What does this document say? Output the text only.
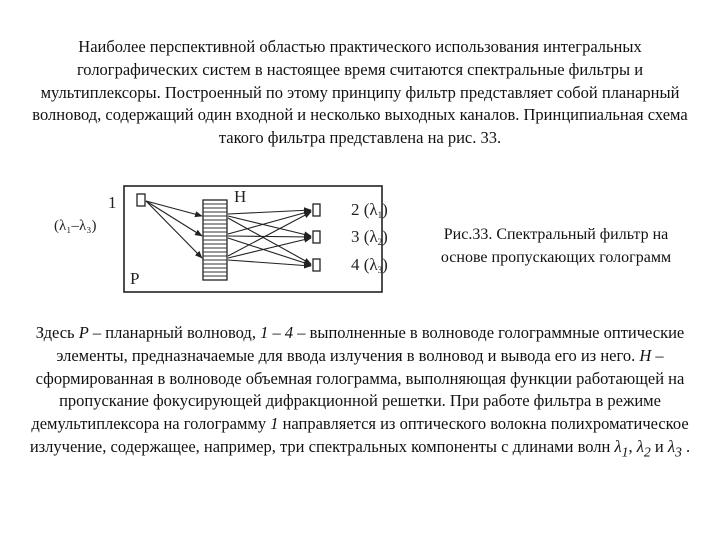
Наиболее перспективной областью практического использования интегральных голографических систем в настоящее время считаются спектральные фильтры и мультиплексоры. Построенный по этому принципу фильтр представляет собой планарный волновод, содержащий один входной и несколько выходных каналов. Принципиальная схема такого фильтра представлена на рис. 33.

1
(λ₁–λ₃)
P
H
2 (λ1)
3 (λ2)
4 (λ3)

Рис.33. Спектральный фильтр на основе пропускающих голограмм

Здесь P – планарный волновод, 1 – 4 – выполненные в волноводе голограммные оптические элементы, предназначаемые для ввода излучения в волновод и вывода его из него. H – сформированная в волноводе объемная голограмма, выполняющая функции работающей на пропускание фокусирующей дифракционной решетки. При работе фильтра в режиме демультиплексора на голограмму 1 направляется из оптического волокна полихроматическое излучение, содержащее, например, три спектральных компоненты с длинами волн $\lambda_1$, $\lambda_2$ и $\lambda_3$ .
